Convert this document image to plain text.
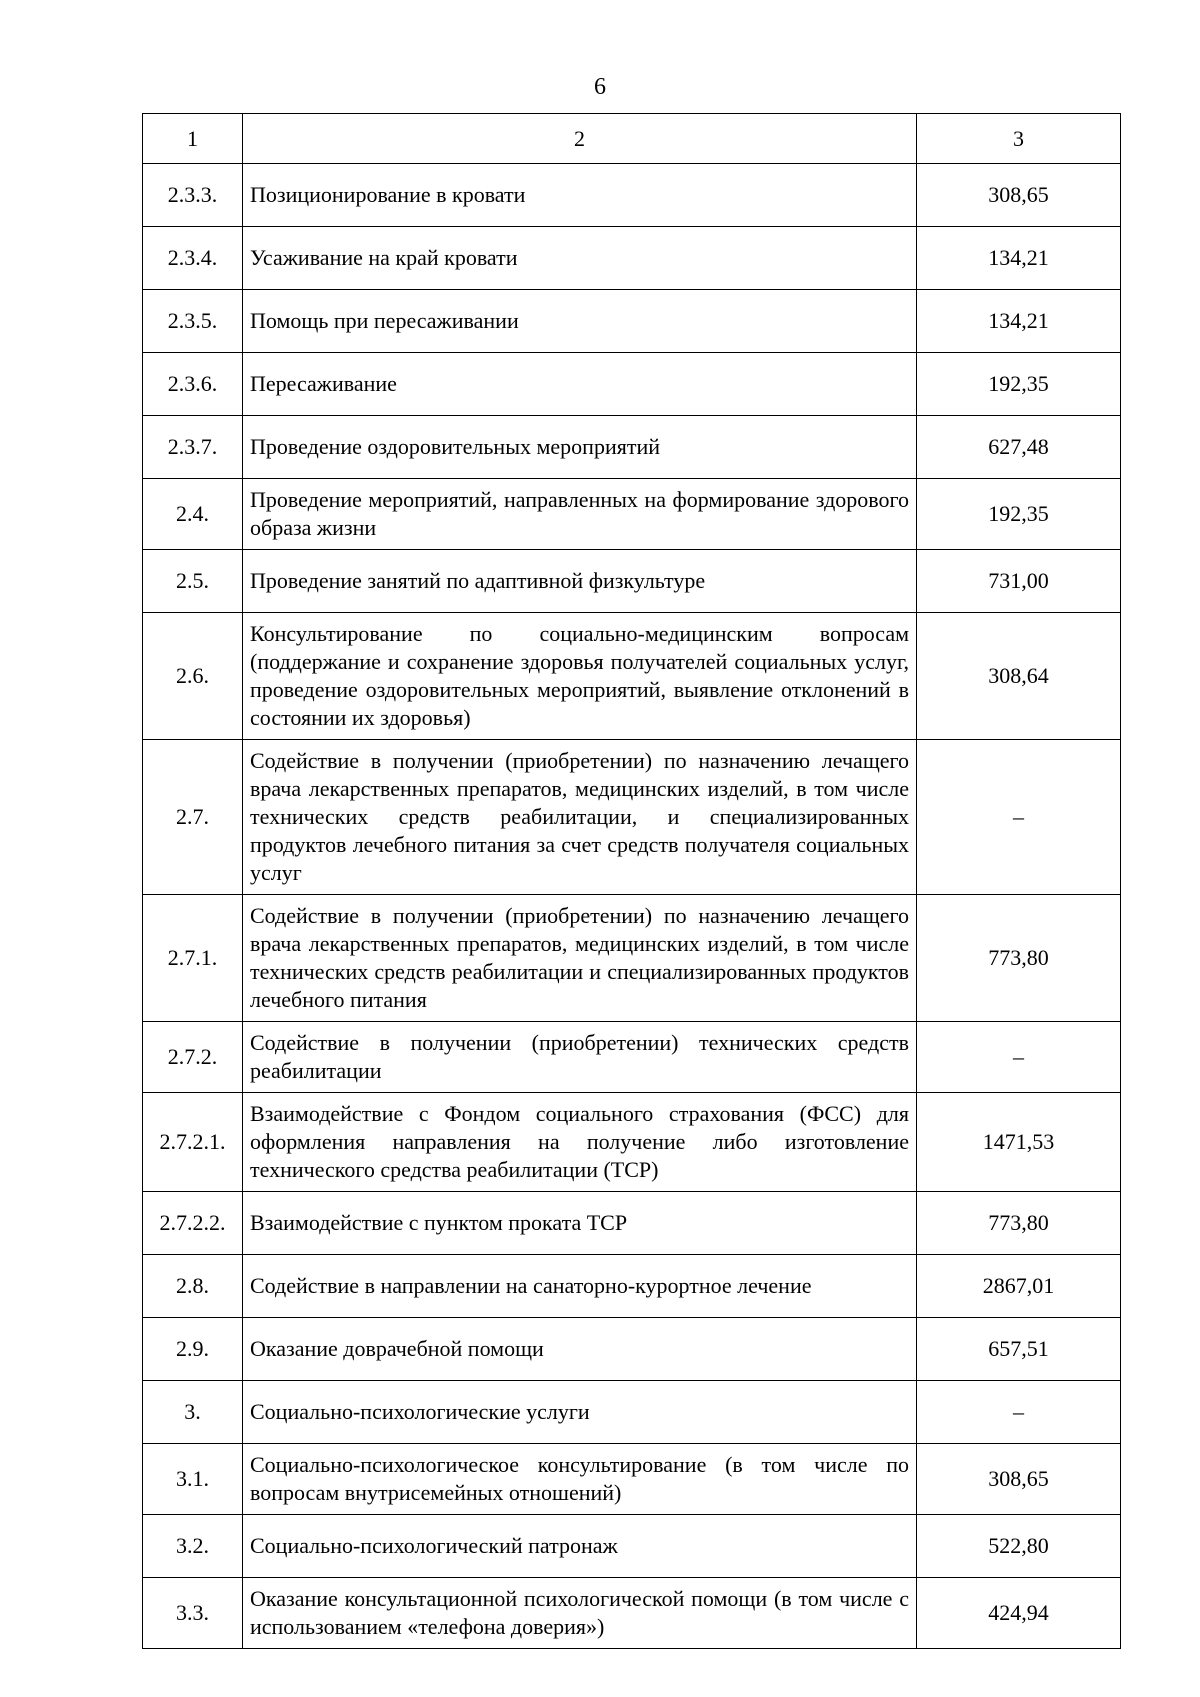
6
1	2	3
2.3.3.	Позиционирование в кровати	308,65
2.3.4.	Усаживание на край кровати	134,21
2.3.5.	Помощь при пересаживании	134,21
2.3.6.	Пересаживание	192,35
2.3.7.	Проведение оздоровительных мероприятий	627,48
2.4.	Проведение мероприятий, направленных на формирование здорового образа жизни	192,35
2.5.	Проведение занятий по адаптивной физкультуре	731,00
2.6.	Консультирование по социально-медицинским вопросам (поддержание и сохранение здоровья получателей социальных услуг, проведение оздоровительных мероприятий, выявление отклонений в состоянии их здоровья)	308,64
2.7.	Содействие в получении (приобретении) по назначению лечащего врача лекарственных препаратов, медицинских изделий, в том числе технических средств реабилитации, и специализированных продуктов лечебного питания за счет средств получателя социальных услуг	–
2.7.1.	Содействие в получении (приобретении) по назначению лечащего врача лекарственных препаратов, медицинских изделий, в том числе технических средств реабилитации и специализированных продуктов лечебного питания	773,80
2.7.2.	Содействие в получении (приобретении) технических средств реабилитации	–
2.7.2.1.	Взаимодействие с Фондом социального страхования (ФСС) для оформления направления на получение либо изготовление технического средства реабилитации (ТСР)	1471,53
2.7.2.2.	Взаимодействие с пунктом проката ТСР	773,80
2.8.	Содействие в направлении на санаторно-курортное лечение	2867,01
2.9.	Оказание доврачебной помощи	657,51
3.	Социально-психологические услуги	–
3.1.	Социально-психологическое консультирование (в том числе по вопросам внутрисемейных отношений)	308,65
3.2.	Социально-психологический патронаж	522,80
3.3.	Оказание консультационной психологической помощи (в том числе с использованием «телефона доверия»)	424,94
